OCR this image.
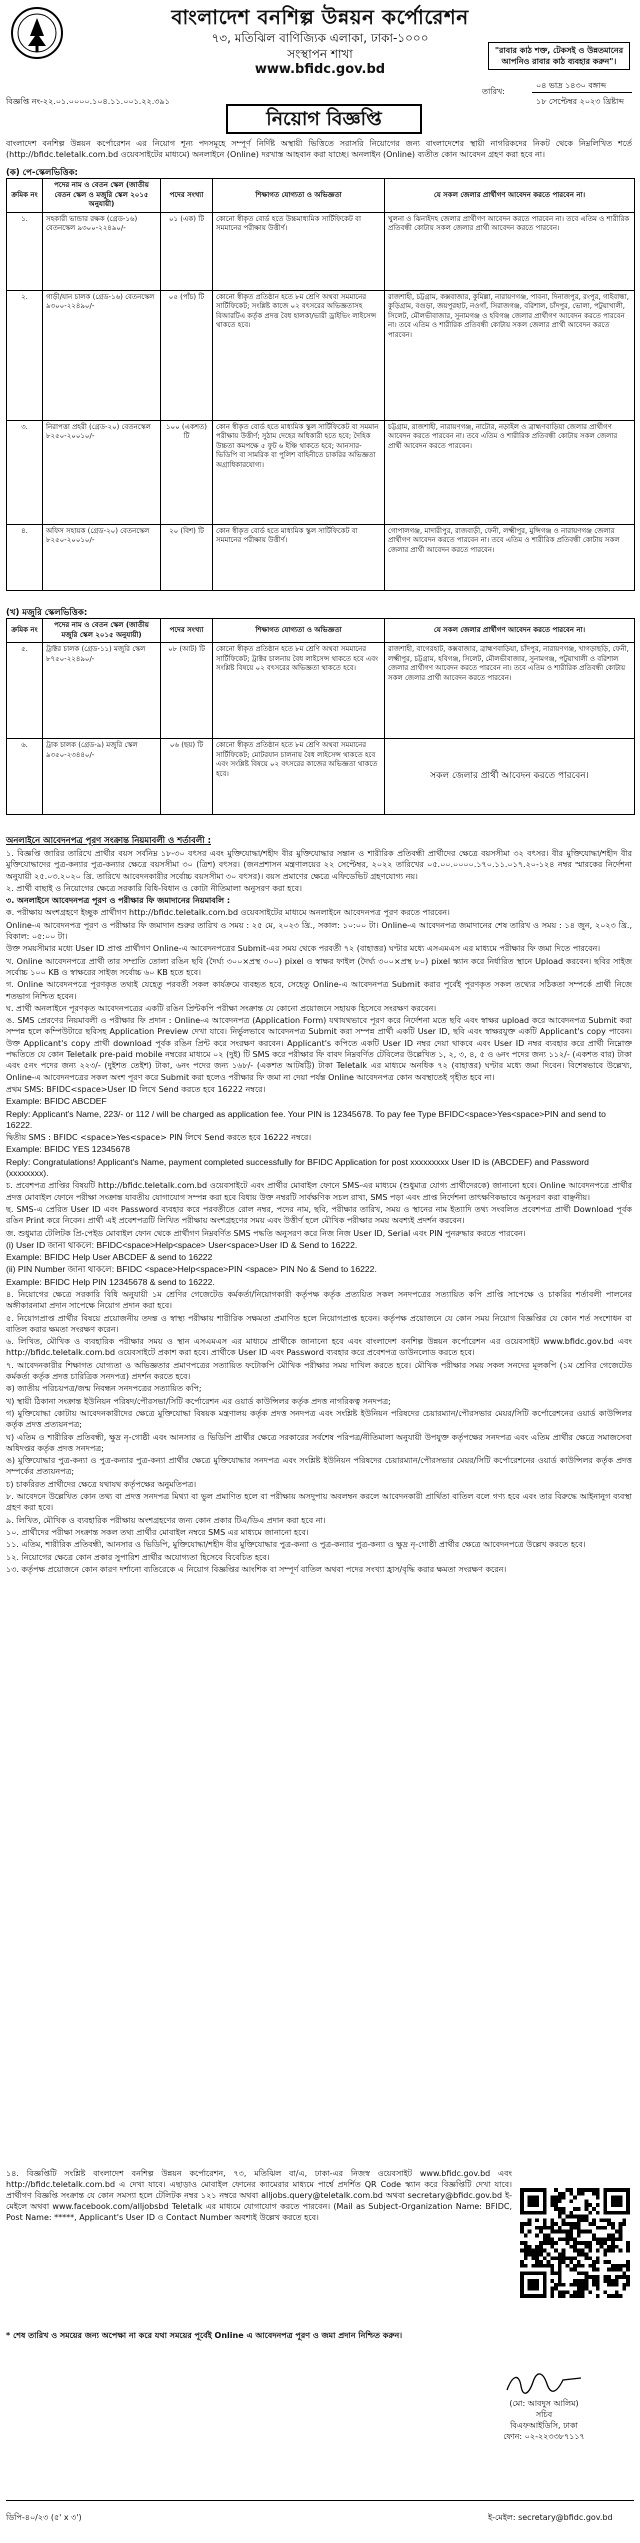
বাংলাদেশ বনশিল্প উন্নয়ন কর্পোরেশন
৭৩, মতিঝিল বাণিজ্যিক এলাকা, ঢাকা-১০০০
সংস্থাপন শাখা
www.bfidc.gov.bd
"রাবার কাঠ শক্ত, টেকসই ও উন্নতমানের আপনিও রাবার কাঠ ব্যবহার করুন"।
বিজ্ঞপ্তি নং-২২.০১.০০০০.১০৪.১১.০০১.২২.৩৯১
তারিখ:
০৪ ভাদ্র ১৪৩০ বঙ্গাব্দ
১৮ সেপ্টেম্বর ২০২৩ খ্রিষ্টাব্দ
নিয়োগ বিজ্ঞপ্তি
বাংলাদেশ বনশিল্প উন্নয়ন কর্পোরেশন এর নিয়োগ শূন্য পদসমূহে সম্পূর্ণ নির্দিষ্ট অস্থায়ী ভিত্তিতে সরাসরি নিয়োগের জন্য বাংলাদেশের স্থায়ী নাগরিকদের নিকট থেকে নিম্নলিখিত শর্তে (http://bfidc.teletalk.com.bd ওয়েবসাইটের মাধ্যমে) অনলাইনে (Online) দরখাস্ত আহবান করা যাচ্ছে। অনলাইন (Online) ব্যতীত কোন আবেদন গ্রহণ করা হবে না।
(ক) পে-স্কেলভিত্তিক:
ক্রমিক নং	পদের নাম ও বেতন স্কেল (জাতীয় বেতন স্কেল ও মজুরি স্কেল ২০১৫ অনুযায়ী)	পদের সংখ্যা	শিক্ষাগত যোগ্যতা ও অভিজ্ঞতা	যে সকল জেলার প্রার্থীগণ আবেদন করতে পারবেন না।
১.	সহকারী ভান্ডার রক্ষক (গ্রেড-১৬) বেতনস্কেল ৯৩০০-২২৪৯০/-	০১ (এক) টি	কোনো স্বীকৃত বোর্ড হতে উচ্চমাধ্যমিক সার্টিফিকেট বা সমমানের পরীক্ষায় উত্তীর্ণ।	খুলনা ও ঝিনাইদহ জেলার প্রার্থীগণ আবেদন করতে পারবেন না। তবে এতিম ও শারীরিক প্রতিবন্ধী কোটায় সকল জেলার প্রার্থী আবেদন করতে পারবেন।
২.	গাড়ী/যান চালক (গ্রেড-১৬) বেতনস্কেল ৯৩০০-২২৪৯০/-	০৫ (পাঁচ) টি	কোনো স্বীকৃত প্রতিষ্ঠান হতে ৮ম শ্রেণি অথবা সমমানের সার্টিফিকেট; সংশ্লিষ্ট কাজে ০২ বৎসরের অভিজ্ঞতাসহ বিআরটিএ কর্তৃক প্রদত্ত বৈধ হালকা/ভারী ড্রাইভিং লাইসেন্স থাকতে হবে।	রাজশাহী, চট্টগ্রাম, কক্সবাজার, কুমিল্লা, নারায়ণগঞ্জ, পাবনা, দিনাজপুর, রংপুর, গাইবান্ধা, কুড়িগ্রাম, বগুড়া, জয়পুরহাট, নওগাঁ, সিরাজগঞ্জ, বরিশাল, চাঁদপুর, ভোলা, পটুয়াখালী, সিলেট, মৌলভীবাজার, সুনামগঞ্জ ও হবিগঞ্জ জেলার প্রার্থীগণ আবেদন করতে পারবেন না। তবে এতিম ও শারীরিক প্রতিবন্ধী কোটায় সকল জেলার প্রার্থী আবেদন করতে পারবেন।
৩.	নিরাপত্তা প্রহরী (গ্রেড-২০) বেতনস্কেল ৮২৫০-২০০১০/-	১০০ (একশত) টি	কোন স্বীকৃত বোর্ড হতে মাধ্যমিক স্কুল সার্টিফিকেট বা সমমান পরীক্ষায় উত্তীর্ণ; সুঠাম দেহের অধিকারী হতে হবে; দৈহিক উচ্চতা কমপক্ষে ৫ ফুট ৬ ইঞ্চি থাকতে হবে; আনসার-ভিডিপি বা সামরিক বা পুলিশ বাহিনীতে চাকরির অভিজ্ঞতা অগ্রাধিকারযোগ্য।	চট্টগ্রাম, রাজশাহী, নারায়ণগঞ্জ, নাটোর, নড়াইল ও ব্রাহ্মণবাড়িয়া জেলার প্রার্থীগণ আবেদন করতে পারবেন না। তবে এতিম ও শারীরিক প্রতিবন্ধী কোটায় সকল জেলার প্রার্থী আবেদন করতে পারবেন।
৪.	অফিস সহায়ক (গ্রেড-২০) বেতনস্কেল ৮২৫০-২০০১০/-	২০ (বিশ) টি	কোন স্বীকৃত বোর্ড হতে মাধ্যমিক স্কুল সার্টিফিকেট বা সমমানের পরীক্ষায় উত্তীর্ণ।	গোপালগঞ্জ, মাদারীপুর, রাজবাড়ী, ফেনী, লক্ষ্মীপুর, মুন্সিগঞ্জ ও নারায়ণগঞ্জ জেলার প্রার্থীগণ আবেদন করতে পারবেন না। তবে এতিম ও শারীরিক প্রতিবন্ধী কোটায় সকল জেলার প্রার্থী আবেদন করতে পারবেন।
(খ) মজুরি স্কেলভিত্তিক:
ক্রমিক নং	পদের নাম ও বেতন স্কেল (জাতীয় মজুরি স্কেল ২০১৫ অনুযায়ী)	পদের সংখ্যা	শিক্ষাগত যোগ্যতা ও অভিজ্ঞতা	যে সকল জেলার প্রার্থীগণ আবেদন করতে পারবেন না।
৫.	ট্রাক্টর চালক (গ্রেড-১১) মজুরি স্কেল ৮৭৫০-২২৪৯০/-	০৮ (আট) টি	কোনো স্বীকৃত প্রতিষ্ঠান হতে ৮ম শ্রেণি অথবা সমমানের সার্টিফিকেট; ট্রাক্টর চালনায় বৈধ লাইসেন্স থাকতে হবে এবং সংশ্লিষ্ট বিষয়ে ০২ বৎসরের অভিজ্ঞতা থাকতে হবে।	রাজশাহী, বাগেরহাট, কক্সবাজার, ব্রাহ্মণবাড়িয়া, চাঁদপুর, নারায়ণগঞ্জ, খাগড়াছড়ি, ফেনী, লক্ষ্মীপুর, চট্টগ্রাম, হবিগঞ্জ, সিলেট, মৌলভীবাজার, সুনামগঞ্জ, পটুয়াখালী ও বরিশাল জেলার প্রার্থীগণ আবেদন করতে পারবেন না। তবে এতিম ও শারীরিক প্রতিবন্ধী কোটায় সকল জেলার প্রার্থী আবেদন করতে পারবেন।
৬.	ট্রাক চালক (গ্রেড-৯) মজুরি স্কেল ৯৩৫০-২৩৪৪০/-	০৬ (ছয়) টি	কোনো স্বীকৃত প্রতিষ্ঠান হতে ৮ম শ্রেণি অথবা সমমানের সার্টিফিকেট; মোটরযান চালনায় বৈধ লাইসেন্স থাকতে হবে এবং সংশ্লিষ্ট বিষয়ে ০২ বৎসরের কাজের অভিজ্ঞতা থাকতে হবে।	সকল জেলার প্রার্থী আবেদন করতে পারবেন।
অনলাইনে আবেদনপত্র পূরণ সংক্রান্ত নিয়মাবলী ও শর্তাবলী :
১. বিজ্ঞপ্তি জারির তারিখে প্রার্থীর বয়স সর্বনিম্ন ১৮-৩০ বৎসর এবং মুক্তিযোদ্ধা/শহীদ বীর মুক্তিযোদ্ধার সন্তান ও শারীরিক প্রতিবন্ধী প্রার্থীদের ক্ষেত্রে বয়সসীমা ৩২ বৎসর। বীর মুক্তিযোদ্ধা/শহীদ বীর মুক্তিযোদ্ধাদের পুত্র-কন্যার পুত্র-কন্যার ক্ষেত্রে বয়সসীমা ৩০ (ত্রিশ) বৎসর। (জনপ্রশাসন মন্ত্রণালয়ের ২২ সেপ্টেম্বর, ২০২২ তারিখের ০৫.০০.০০০০.১৭০.১১.০১৭.২০-১২৪ নম্বর স্মারকের নির্দেশনা অনুযায়ী ২৫.০৩.২০২০ খ্রি. তারিখে আবেদনকারীর সর্বোচ্চ বয়সসীমা ৩০ বৎসর)। বয়স প্রমাণের ক্ষেত্রে এফিডেভিট গ্রহণযোগ্য নয়।
২. প্রার্থী বাছাই ও নিয়োগের ক্ষেত্রে সরকারি বিধি-বিধান ও কোটা নীতিমালা অনুসরণ করা হবে।
৩. অনলাইনে আবেদনপত্র পূরণ ও পরীক্ষার ফি জমাদানের নিয়মাবলি :
ক. পরীক্ষায় অংশগ্রহণে ইচ্ছুক প্রার্থীগণ http://bfidc.teletalk.com.bd ওয়েবসাইটের মাধ্যমে অনলাইনে আবেদনপত্র পূরণ করতে পারবেন।
Online-এ আবেদনপত্র পূরণ ও পরীক্ষার ফি জমাদান শুরুর তারিখ ও সময় : ২৫ মে, ২০২৩ খ্রি., সকাল: ১০:০০ টা। Online-এ আবেদনপত্র জমাদানের শেষ তারিখ ও সময় : ১৪ জুন, ২০২৩ খ্রি., বিকাল: ০৫:০০ টা।
উক্ত সময়সীমার মধ্যে User ID প্রাপ্ত প্রার্থীগণ Online-এ আবেদনপত্রের Submit-এর সময় থেকে পরবর্তী ৭২ (বাহাত্তর) ঘণ্টার মধ্যে এসএমএস এর মাধ্যমে পরীক্ষার ফি জমা দিতে পারবেন।
খ. Online আবেদনপত্রে প্রার্থী তার সম্প্রতি তোলা রঙিন ছবি (দৈর্ঘ্য ৩০০×প্রস্থ ৩০০) pixel ও স্বাক্ষর ফাইল (দৈর্ঘ্য ৩০০×প্রস্থ ৮০) pixel স্ক্যান করে নির্ধারিত স্থানে Upload করবেন। ছবির সাইজ সর্বোচ্চ ১০০ KB ও স্বাক্ষরের সাইজ সর্বোচ্চ ৬০ KB হতে হবে।
গ. Online আবেদনপত্রে পূরণকৃত তথ্যই যেহেতু পরবর্তী সকল কার্যক্রমে ব্যবহৃত হবে, সেহেতু Online-এ আবেদনপত্র Submit করার পূর্বেই পূরণকৃত সকল তথ্যের সঠিকতা সম্পর্কে প্রার্থী নিজে শতভাগ নিশ্চিত হবেন।
ঘ. প্রার্থী অনলাইনে পূরণকৃত আবেদনপত্রের একটি রঙিন প্রিন্টকপি পরীক্ষা সংক্রান্ত যে কোনো প্রয়োজনে সহায়ক হিসেবে সংরক্ষণ করবেন।
ঙ. SMS প্রেরণের নিয়মাবলী ও পরীক্ষার ফি প্রদান : Online-এ আবেদনপত্র (Application Form) যথাযথভাবে পূরণ করে নির্দেশনা মতে ছবি এবং স্বাক্ষর upload করে আবেদনপত্র Submit করা সম্পন্ন হলে কম্পিউটারে ছবিসহ Application Preview দেখা যাবে। নির্ভুলভাবে আবেদনপত্র Submit করা সম্পন্ন প্রার্থী একটি User ID, ছবি এবং স্বাক্ষরযুক্ত একটি Applicant's copy পাবেন। উক্ত Applicant's copy প্রার্থী download পূর্বক রঙিন প্রিন্ট করে সংরক্ষণ করবেন। Applicant's কপিতে একটি User ID নম্বর দেয়া থাকবে এবং User ID নম্বর ব্যবহার করে প্রার্থী নিম্নোক্ত পদ্ধতিতে যে কোন Teletalk pre-paid mobile নম্বরের মাধ্যমে ০২ (দুই) টি SMS করে পরীক্ষার ফি বাবদ নিম্নবর্ণিত টেবিলের উল্লেখিত ১, ২, ৩, ৪, ৫ ও ৬নং পদের জন্য ১১২/- (একশত বার) টাকা এবং ৫নং পদের জন্য ২২৩/- (দুইশত তেইশ) টাকা, ৬নং পদের জন্য ১৬৮/- (একশত আটষট্টি) টাকা Teletalk এর মাধ্যমে অনধিক ৭২ (বাহাত্তর) ঘণ্টার মধ্যে জমা দিবেন। বিশেষভাবে উল্লেখ্য, Online-এ আবেদনপত্রের সকল অংশ পূরণ করে Submit করা হলেও পরীক্ষার ফি জমা না দেয়া পর্যন্ত Online আবেদনপত্র কোন অবস্থাতেই গৃহীত হবে না।
প্রথম SMS: BFIDC<space>User ID লিখে Send করতে হবে 16222 নম্বরে।
Example: BFIDC ABCDEF
Reply: Applicant's Name, 223/- or 112 / will be charged as application fee. Your PIN is 12345678. To pay fee Type BFIDC<space>Yes<space>PIN and send to 16222.
দ্বিতীয় SMS : BFIDC <space>Yes<space> PIN লিখে Send করতে হবে 16222 নম্বরে।
Example: BFIDC YES 12345678
Reply: Congratulations! Applicant's Name, payment completed successfully for BFIDC Application for post xxxxxxxxx User ID is (ABCDEF) and Password (xxxxxxxx).
চ. প্রবেশপত্র প্রাপ্তির বিষয়টি http://bfidc.teletalk.com.bd ওয়েবসাইটে এবং প্রার্থীর মোবাইল ফোনে SMS-এর মাধ্যমে (শুধুমাত্র যোগ্য প্রার্থীদেরকে) জানানো হবে। Online আবেদনপত্রে প্রার্থীর প্রদত্ত মোবাইল ফোনে পরীক্ষা সংক্রান্ত যাবতীয় যোগাযোগ সম্পন্ন করা হবে বিধায় উক্ত নম্বরটি সার্বক্ষণিক সচল রাখা, SMS পড়া এবং প্রাপ্ত নির্দেশনা তাৎক্ষণিকভাবে অনুসরণ করা বাঞ্ছনীয়।
ছ. SMS-এ প্রেরিত User ID এবং Password ব্যবহার করে পরবর্তীতে রোল নম্বর, পদের নাম, ছবি, পরীক্ষার তারিখ, সময় ও স্থানের নাম ইত্যাদি তথ্য সংবলিত প্রবেশপত্র প্রার্থী Download পূর্বক রঙিন Print করে নিবেন। প্রার্থী এই প্রবেশপত্রটি লিখিত পরীক্ষায় অংশগ্রহণের সময় এবং উত্তীর্ণ হলে মৌখিক পরীক্ষার সময় অবশ্যই প্রদর্শন করবেন।
জ. শুধুমাত্র টেলিটক প্রি-পেইড মোবাইল ফোন থেকে প্রার্থীগণ নিম্নবর্ণিত SMS পদ্ধতি অনুসরণ করে নিজ নিজ User ID, Serial এবং PIN পুনরুদ্ধার করতে পারবেন।
(i) User ID জানা থাকলে: BFIDC<space>Help<space> User<space>User ID & Send to 16222.
Example: BFIDC Help User ABCDEF & send to 16222
(ii) PIN Number জানা থাকলে: BFIDC <space>Help<space>PIN <space> PIN No & Send to 16222.
Example: BFIDC Help PIN 12345678 & send to 16222.
৪. নিয়োগের ক্ষেত্রে সরকারি বিধি অনুযায়ী ১ম শ্রেণির গেজেটেড কর্মকর্তা/নিয়োগকারী কর্তৃপক্ষ কর্তৃক প্রত্যয়িত সকল সনদপত্রের সত্যায়িত কপি প্রাপ্তি সাপেক্ষে ও চাকরির শর্তাবলী পালনের অঙ্গীকারনামা প্রদান সাপেক্ষে নিয়োগ প্রদান করা হবে।
৫. নিয়োগপ্রাপ্ত প্রার্থীর বিষয়ে প্রয়োজনীয় তদন্ত ও স্বাস্থ্য পরীক্ষায় শারীরিক সক্ষমতা প্রমাণিত হলে নিয়োগপ্রাপ্ত হবেন। কর্তৃপক্ষ প্রয়োজনে যে কোন সময় নিয়োগ বিজ্ঞপ্তির যে কোন শর্ত সংশোধন বা বাতিল করার ক্ষমতা সংরক্ষণ করেন।
৬. লিখিত, মৌখিক ও ব্যবহারিক পরীক্ষার সময় ও স্থান এসএমএস এর মাধ্যমে প্রার্থীকে জানানো হবে এবং বাংলাদেশ বনশিল্প উন্নয়ন কর্পোরেশন এর ওয়েবসাইট www.bfidc.gov.bd এবং http://bfidc.teletalk.com.bd ওয়েবসাইটে প্রকাশ করা হবে। প্রার্থীকে User ID এবং Password ব্যবহার করে প্রবেশপত্র ডাউনলোড করতে হবে।
৭. আবেদনকারীর শিক্ষাগত যোগ্যতা ও অভিজ্ঞতার প্রমাণপত্রের সত্যায়িত ফটোকপি মৌখিক পরীক্ষার সময় দাখিল করতে হবে। মৌখিক পরীক্ষার সময় সকল সনদের মূলকপি (১ম শ্রেণির গেজেটেড কর্মকর্তা কর্তৃক প্রদত্ত চারিত্রিক সনদপত্র) প্রদর্শন করতে হবে।
ক) জাতীয় পরিচয়পত্র/জন্ম নিবন্ধন সনদপত্রের সত্যায়িত কপি;
খ) স্থায়ী ঠিকানা সংক্রান্ত ইউনিয়ন পরিষদ/পৌরসভা/সিটি কর্পোরেশন এর ওয়ার্ড কাউন্সিলর কর্তৃক প্রদত্ত নাগরিকত্ব সনদপত্র;
গ) মুক্তিযোদ্ধা কোটায় আবেদনকারীদের ক্ষেত্রে মুক্তিযোদ্ধা বিষয়ক মন্ত্রণালয় কর্তৃক প্রদত্ত সনদপত্র এবং সংশ্লিষ্ট ইউনিয়ন পরিষদের চেয়ারম্যান/পৌরসভার মেয়র/সিটি কর্পোরেশনের ওয়ার্ড কাউন্সিলর কর্তৃক প্রদত্ত প্রত্যয়নপত্র;
ঘ) এতিম ও শারীরিক প্রতিবন্ধী, ক্ষুদ্র নৃ-গোষ্ঠী এবং আনসার ও ভিডিপি প্রার্থীর ক্ষেত্রে সরকারের সর্বশেষ পরিপত্র/নীতিমালা অনুযায়ী উপযুক্ত কর্তৃপক্ষের সনদপত্র এবং এতিম প্রার্থীর ক্ষেত্রে সমাজসেবা অধিদপ্তর কর্তৃক প্রদত্ত সনদপত্র;
ঙ) মুক্তিযোদ্ধার পুত্র-কন্যা ও পুত্র-কন্যার পুত্র-কন্যা প্রার্থীর ক্ষেত্রে মুক্তিযোদ্ধার সনদপত্র এবং সংশ্লিষ্ট ইউনিয়ন পরিষদের চেয়ারম্যান/পৌরসভার মেয়র/সিটি কর্পোরেশনের ওয়ার্ড কাউন্সিলর কর্তৃক প্রদত্ত সম্পর্কের প্রত্যয়নপত্র;
চ) চাকরিরত প্রার্থীদের ক্ষেত্রে যথাযথ কর্তৃপক্ষের অনুমতিপত্র।
৮. আবেদনে উল্লেখিত কোন তথ্য বা প্রদত্ত সনদপত্র মিথ্যা বা ভুল প্রমাণিত হলে বা পরীক্ষায় অসদুপায় অবলম্বন করলে আবেদনকারী প্রার্থিতা বাতিল বলে গণ্য হবে এবং তার বিরুদ্ধে আইনানুগ ব্যবস্থা গ্রহণ করা হবে।
৯. লিখিত, মৌখিক ও ব্যবহারিক পরীক্ষায় অংশগ্রহণের জন্য কোন প্রকার টিএ/ডিএ প্রদান করা হবে না।
১০. প্রার্থীদের পরীক্ষা সংক্রান্ত সকল তথ্য প্রার্থীর মোবাইল নম্বরে SMS এর মাধ্যমে জানানো হবে।
১১. এতিম, শারীরিক প্রতিবন্ধী, আনসার ও ভিডিপি, মুক্তিযোদ্ধা/শহীদ বীর মুক্তিযোদ্ধার পুত্র-কন্যা ও পুত্র-কন্যার পুত্র-কন্যা ও ক্ষুদ্র নৃ-গোষ্ঠী প্রার্থীর ক্ষেত্রে আবেদনপত্রে উল্লেখ করতে হবে।
১২. নিয়োগের ক্ষেত্রে কোন প্রকার সুপারিশ প্রার্থীর অযোগ্যতা হিসেবে বিবেচিত হবে।
১৩. কর্তৃপক্ষ প্রয়োজনে কোন কারণ দর্শানো ব্যতিরেকে এ নিয়োগ বিজ্ঞপ্তির আংশিক বা সম্পূর্ণ বাতিল অথবা পদের সংখ্যা হ্রাস/বৃদ্ধি করার ক্ষমতা সংরক্ষণ করেন।
১৪. বিজ্ঞপ্তিটি সংশ্লিষ্ট বাংলাদেশ বনশিল্প উন্নয়ন কর্পোরেশন, ৭৩, মতিঝিল বা/এ, ঢাকা-এর নিজস্ব ওয়েবসাইট www.bfidc.gov.bd এবং http://bfidc.teletalk.com.bd এ দেখা যাবে। এছাড়াও মোবাইল ফোনের ক্যামেরার মাধ্যমে পার্শ্বে প্রদর্শিত QR Code স্ক্যান করে বিজ্ঞপ্তিটি দেখা যাবে। প্রার্থীগণ বিজ্ঞপ্তি সংক্রান্ত যে কোন সমস্যা হলে টেলিটক নম্বর ১২১ নম্বরে অথবা alljobs.query@teletalk.com.bd অথবা secretary@bfidc.gov.bd ই-মেইলে অথবা www.facebook.com/alljobsbd Teletalk এর মাধ্যমে যোগাযোগ করতে পারবেন। (Mail as Subject-Organization Name: BFIDC, Post Name: *****, Applicant's User ID ও Contact Number অবশ্যই উল্লেখ করতে হবে।
* শেষ তারিখ ও সময়ের জন্য অপেক্ষা না করে যথা সময়ের পূর্বেই Online এ আবেদনপত্র পূরণ ও জমা প্রদান নিশ্চিত করুন।
(মো: আবদুস আলিম)
সচিব
বিএফআইডিসি, ঢাকা
ফোন: ০২-২২৩৩৮৭১১৭
ডিপি-৪০/২৩ (৫' x ৩')	ই-মেইল: secretary@bfidc.gov.bd
